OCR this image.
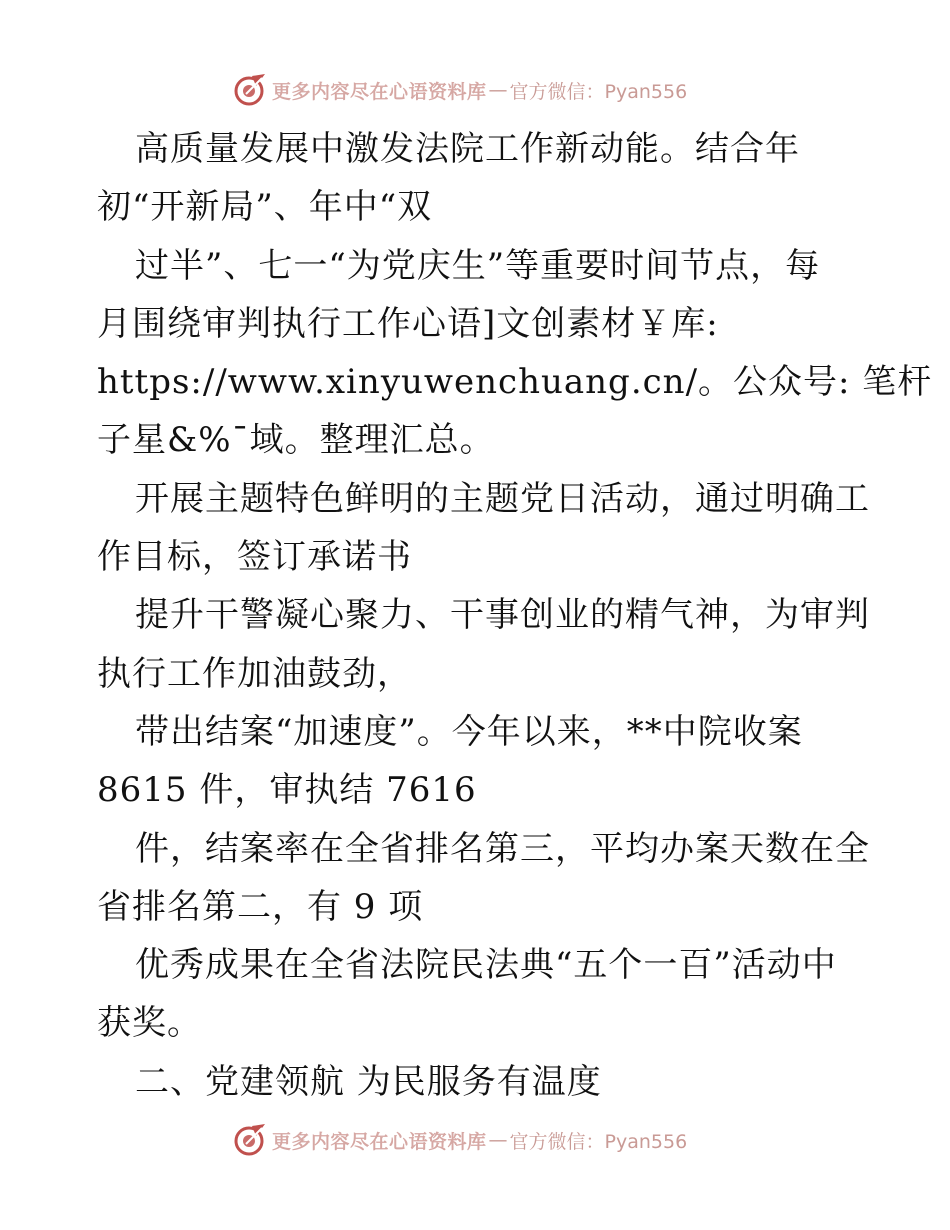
更多内容尽在心语资料库 — 官方微信：Pyan556
高质量发展中激发法院工作新动能。结合年
初“开新局”、年中“双
过半”、七一“为党庆生”等重要时间节点，每
月围绕审判执行工作心语]文创素材￥库:
https://www.xinyuwenchuang.cn/。公众号: 笔杆
子星&%¯域。整理汇总。
开展主题特色鲜明的主题党日活动，通过明确工
作目标，签订承诺书
提升干警凝心聚力、干事创业的精气神，为审判
执行工作加油鼓劲，
带出结案“加速度”。今年以来，**中院收案
8615 件，审执结 7616
件，结案率在全省排名第三，平均办案天数在全
省排名第二，有 9 项
优秀成果在全省法院民法典“五个一百”活动中
获奖。
二、党建领航 为民服务有温度
更多内容尽在心语资料库 — 官方微信：Pyan556
